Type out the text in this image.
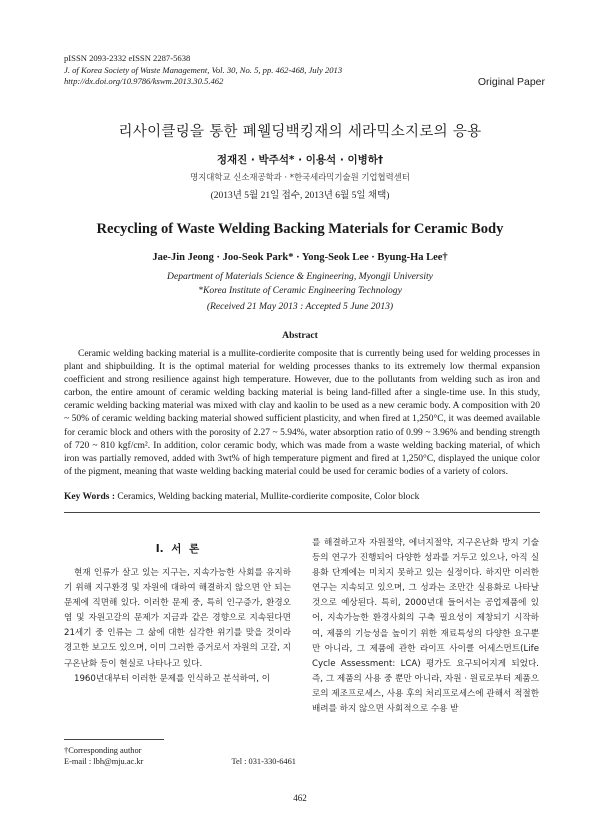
pISSN 2093-2332 eISSN 2287-5638
J. of Korea Society of Waste Management, Vol. 30, No. 5, pp. 462-468, July 2013
http://dx.doi.org/10.9786/kswm.2013.30.5.462	Original Paper
리사이클링을 통한 폐웰딩백킹재의 세라믹소지로의 응용
정재진 · 박주석* · 이용석 · 이병하†
명지대학교 신소재공학과 · *한국세라믹기술원 기업협력센터
(2013년 5월 21일 접수, 2013년 6월 5일 채택)
Recycling of Waste Welding Backing Materials for Ceramic Body
Jae-Jin Jeong · Joo-Seok Park* · Yong-Seok Lee · Byung-Ha Lee†
Department of Materials Science & Engineering, Myongji University
*Korea Institute of Ceramic Engineering Technology
(Received 21 May 2013 : Accepted 5 June 2013)
Abstract

Ceramic welding backing material is a mullite-cordierite composite that is currently being used for welding processes in plant and shipbuilding. It is the optimal material for welding processes thanks to its extremely low thermal expansion coefficient and strong resilience against high temperature. However, due to the pollutants from welding such as iron and carbon, the entire amount of ceramic welding backing material is being land-filled after a single-time use. In this study, ceramic welding backing material was mixed with clay and kaolin to be used as a new ceramic body. A composition with 20 ~ 50% of ceramic welding backing material showed sufficient plasticity, and when fired at 1,250°C, it was deemed available for ceramic block and others with the porosity of 2.27 ~ 5.94%, water absorption ratio of 0.99 ~ 3.96% and bending strength of 720 ~ 810 kgf/cm². In addition, color ceramic body, which was made from a waste welding backing material, of which iron was partially removed, added with 3wt% of high temperature pigment and fired at 1,250°C, displayed the unique color of the pigment, meaning that waste welding backing material could be used for ceramic bodies of a variety of colors.

Key Words : Ceramics, Welding backing material, Mullite-cordierite composite, Color block
I. 서 론

현재 인류가 살고 있는 지구는, 지속가능한 사회를 유지하기 위해 지구환경 및 자원에 대하여 해결하지 않으면 안 되는 문제에 직면해 있다. 이러한 문제 중, 특히 인구증가, 환경오염 및 자원고갈의 문제가 지금과 같은 경향으로 지속된다면 21세기 중 인류는 그 삶에 대한 심각한 위기를 맞을 것이라 경고한 보고도 있으며, 이미 그러한 증거로서 자원의 고갈, 지구온난화 등이 현실로 나타나고 있다.

1960년대부터 이러한 문제를 인식하고 분석하여, 이

를 해결하고자 자원절약, 에너지절약, 지구온난화 방지 기술 등의 연구가 진행되어 다양한 성과를 거두고 있으나, 아직 실용화 단계에는 미치지 못하고 있는 실정이다. 하지만 이러한 연구는 지속되고 있으며, 그 성과는 조만간 실용화로 나타날 것으로 예상된다. 특히, 2000년대 들어서는 공업제품에 있어, 지속가능한 환경사회의 구축 필요성이 제창되기 시작하여, 제품의 기능성을 높이기 위한 재료특성의 다양한 요구뿐만 아니라, 그 제품에 관한 라이프 사이클 어세스먼트(Life Cycle Assessment: LCA) 평가도 요구되어지게 되었다. 즉, 그 제품의 사용 중 뿐만 아니라, 자원 · 원료로부터 제품으로의 제조프로세스, 사용 후의 처리프로세스에 관해서 적절한 배려를 하지 않으면 사회적으로 수용 받

†Corresponding author
E-mail : lbh@mju.ac.kr	Tel : 031-330-6461
462
